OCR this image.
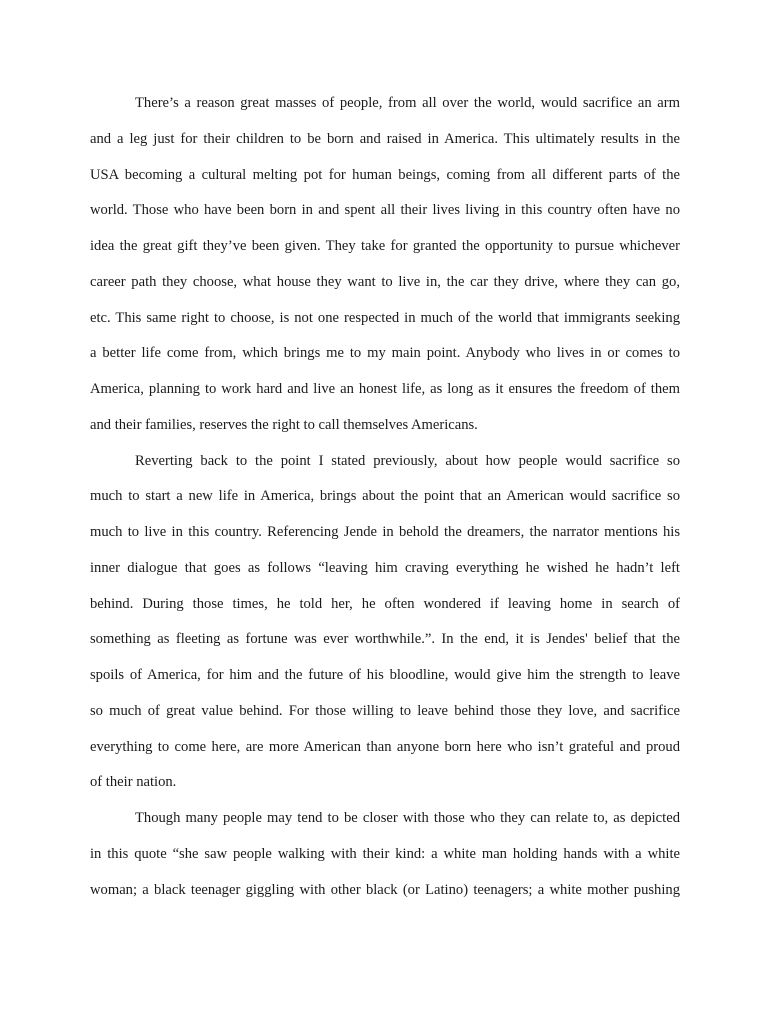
There’s a reason great masses of people, from all over the world, would sacrifice an arm
and a leg just for their children to be born and raised in America. This ultimately results in the
USA becoming a cultural melting pot for human beings, coming from all different parts of the
world. Those who have been born in and spent all their lives living in this country often have no
idea the great gift they’ve been given. They take for granted the opportunity to pursue whichever
career path they choose, what house they want to live in, the car they drive, where they can go,
etc. This same right to choose, is not one respected in much of the world that immigrants seeking
a better life come from, which brings me to my main point. Anybody who lives in or comes to
America, planning to work hard and live an honest life, as long as it ensures the freedom of them
and their families, reserves the right to call themselves Americans.
Reverting back to the point I stated previously, about how people would sacrifice so
much to start a new life in America, brings about the point that an American would sacrifice so
much to live in this country. Referencing Jende in behold the dreamers, the narrator mentions his
inner dialogue that goes as follows “leaving him craving everything he wished he hadn’t left
behind. During those times, he told her, he often wondered if leaving home in search of
something as fleeting as fortune was ever worthwhile.”. In the end, it is Jendes' belief that the
spoils of America, for him and the future of his bloodline, would give him the strength to leave
so much of great value behind. For those willing to leave behind those they love, and sacrifice
everything to come here, are more American than anyone born here who isn’t grateful and proud
of their nation.
Though many people may tend to be closer with those who they can relate to, as depicted
in this quote “she saw people walking with their kind: a white man holding hands with a white
woman; a black teenager giggling with other black (or Latino) teenagers; a white mother pushing
